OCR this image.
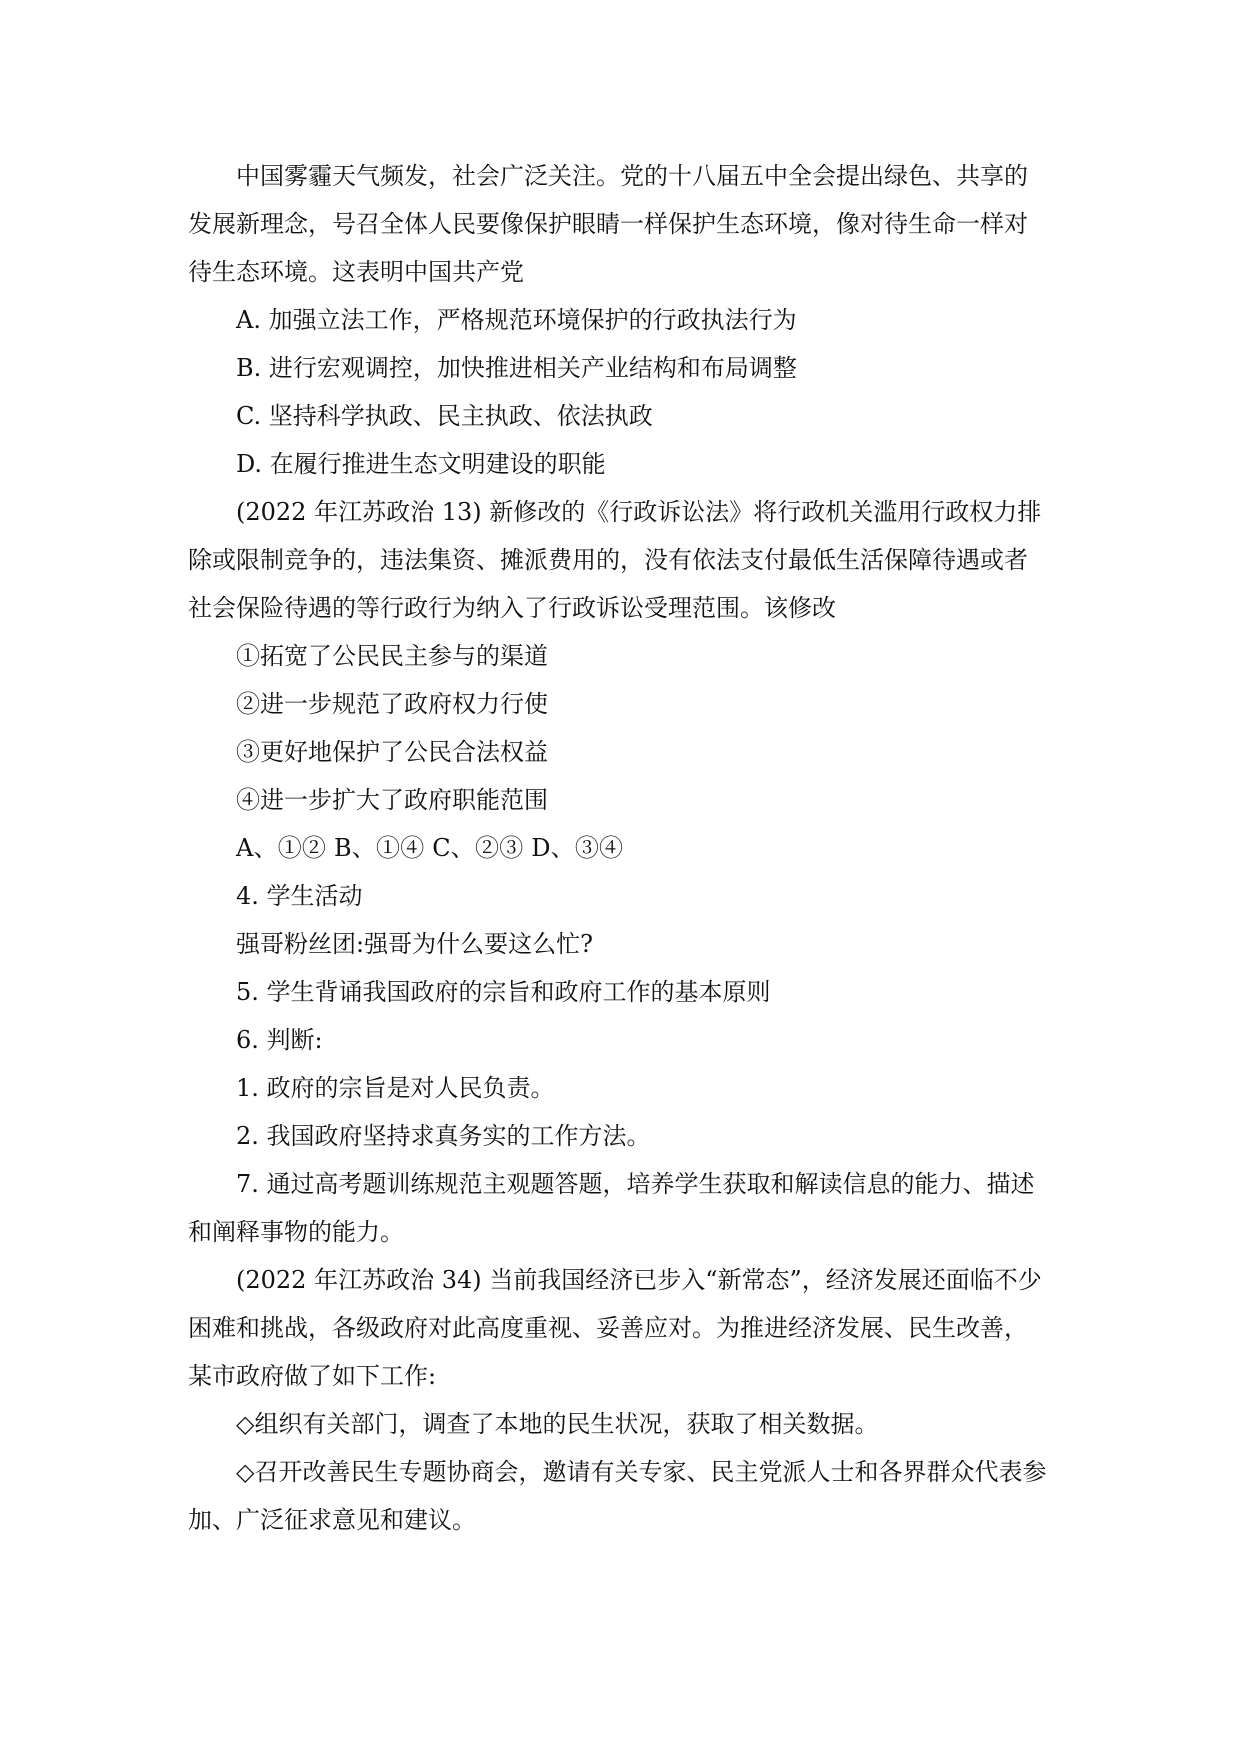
中国雾霾天气频发，社会广泛关注。党的十八届五中全会提出绿色、共享的发展新理念，号召全体人民要像保护眼睛一样保护生态环境，像对待生命一样对待生态环境。这表明中国共产党

A. 加强立法工作，严格规范环境保护的行政执法行为

B. 进行宏观调控，加快推进相关产业结构和布局调整

C. 坚持科学执政、民主执政、依法执政

D. 在履行推进生态文明建设的职能

(2022 年江苏政治 13) 新修改的《行政诉讼法》将行政机关滥用行政权力排除或限制竞争的，违法集资、摊派费用的，没有依法支付最低生活保障待遇或者社会保险待遇的等行政行为纳入了行政诉讼受理范围。该修改

①拓宽了公民民主参与的渠道

②进一步规范了政府权力行使

③更好地保护了公民合法权益

④进一步扩大了政府职能范围

A、①② B、①④ C、②③ D、③④

4. 学生活动

强哥粉丝团:强哥为什么要这么忙?

5. 学生背诵我国政府的宗旨和政府工作的基本原则

6. 判断:

1. 政府的宗旨是对人民负责。

2. 我国政府坚持求真务实的工作方法。

7. 通过高考题训练规范主观题答题，培养学生获取和解读信息的能力、描述和阐释事物的能力。

(2022 年江苏政治 34) 当前我国经济已步入“新常态”，经济发展还面临不少困难和挑战，各级政府对此高度重视、妥善应对。为推进经济发展、民生改善，某市政府做了如下工作:

◇组织有关部门，调查了本地的民生状况，获取了相关数据。

◇召开改善民生专题协商会，邀请有关专家、民主党派人士和各界群众代表参加、广泛征求意见和建议。
